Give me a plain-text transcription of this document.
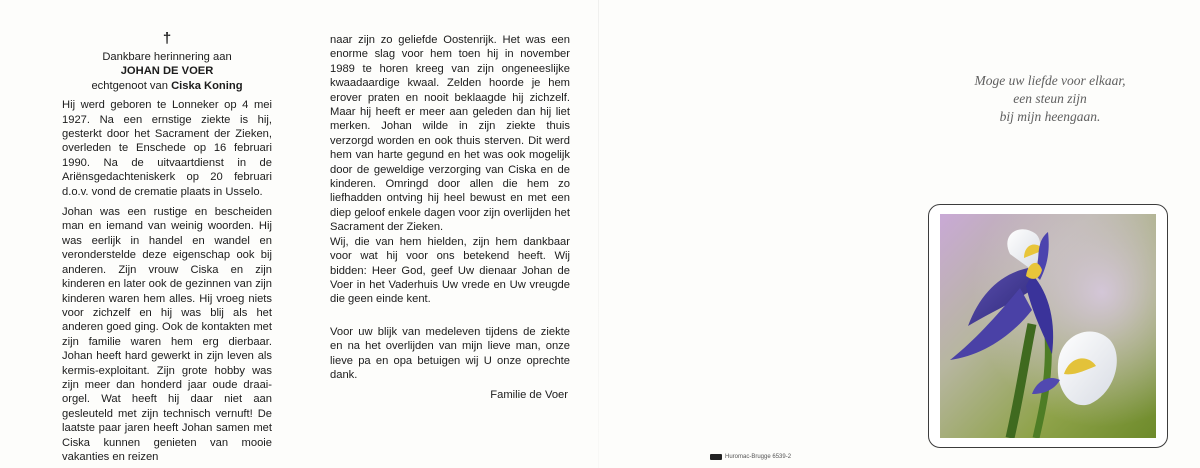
†

Dankbare herinnering aan

JOHAN DE VOER

echtgenoot van Ciska Koning

Hij werd geboren te Lonneker op 4 mei 1927. Na een ernstige ziekte is hij, gesterkt door het Sacrament der Zieken, overleden te Enschede op 16 februari 1990. Na de uitvaartdienst in de Ariënsgedachteniskerk op 20 februari d.o.v. vond de crematie plaats in Usselo.

Johan was een rustige en bescheiden man en iemand van weinig woorden. Hij was eerlijk in handel en wandel en veronderstelde deze eigenschap ook bij anderen. Zijn vrouw Ciska en zijn kinderen en later ook de gezinnen van zijn kinderen waren hem alles. Hij vroeg niets voor zichzelf en hij was blij als het anderen goed ging. Ook de kontakten met zijn familie waren hem erg dierbaar. Johan heeft hard gewerkt in zijn leven als kermis-exploitant. Zijn grote hobby was zijn meer dan honderd jaar oude draai-orgel. Wat heeft hij daar niet aan gesleuteld met zijn technisch vernuft! De laatste paar jaren heeft Johan samen met Ciska kunnen genieten van mooie vakanties en reizen

naar zijn zo geliefde Oostenrijk. Het was een enorme slag voor hem toen hij in november 1989 te horen kreeg van zijn ongeneeslijke kwaadaardige kwaal. Zelden hoorde je hem erover praten en nooit beklaagde hij zichzelf. Maar hij heeft er meer aan geleden dan hij liet merken. Johan wilde in zijn ziekte thuis verzorgd worden en ook thuis sterven. Dit werd hem van harte gegund en het was ook mogelijk door de geweldige verzorging van Ciska en de kinderen. Omringd door allen die hem zo liefhadden ontving hij heel bewust en met een diep geloof enkele dagen voor zijn overlijden het Sacrament der Zieken.

Wij, die van hem hielden, zijn hem dankbaar voor wat hij voor ons betekend heeft. Wij bidden: Heer God, geef Uw dienaar Johan de Voer in het Vaderhuis Uw vrede en Uw vreugde die geen einde kent.

Voor uw blijk van medeleven tijdens de ziekte en na het overlijden van mijn lieve man, onze lieve pa en opa betuigen wij U onze oprechte dank.

Familie de Voer

Moge uw liefde voor elkaar,
een steun zijn
bij mijn heengaan.
Huromac-Brugge 6539-2
